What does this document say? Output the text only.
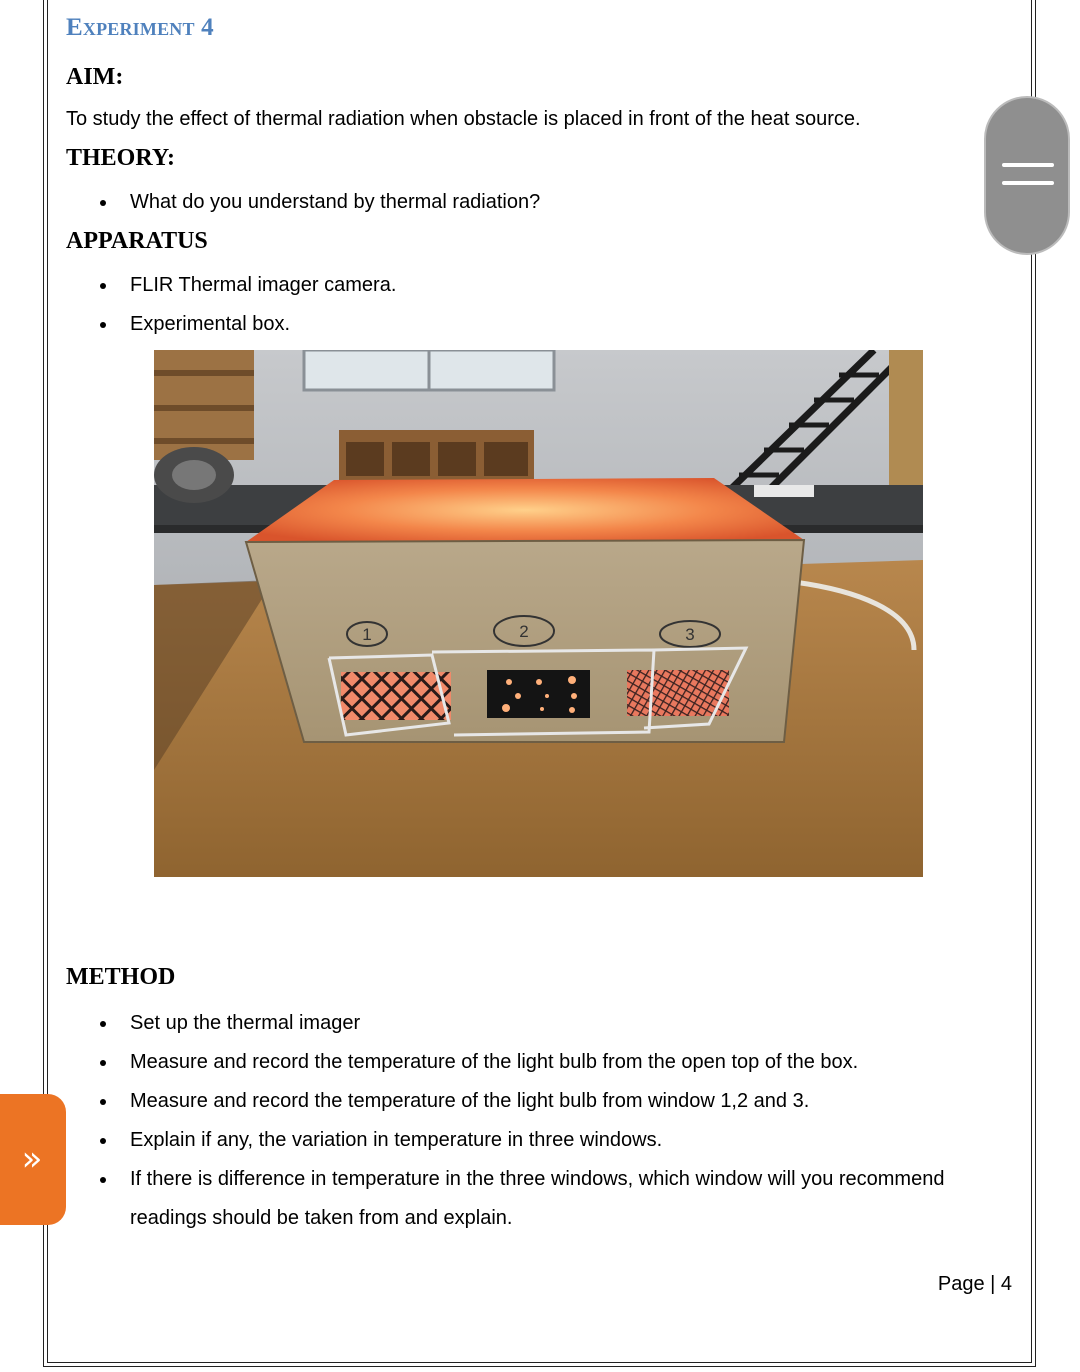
Experiment 4
AIM:

To study the effect of thermal radiation when obstacle is placed in front of the heat source.

THEORY:
What do you understand by thermal radiation?
APPARATUS
FLIR Thermal imager camera.
Experimental box.
1	2	3
METHOD
Set up the thermal imager
Measure and record the temperature of the light bulb from the open top of the box.
Measure and record the temperature of the light bulb from window 1,2 and 3.
Explain if any, the variation in temperature in three windows.
If there is difference in temperature in the three windows, which window will you recommend readings should be taken from and explain.
Page | 4
»
